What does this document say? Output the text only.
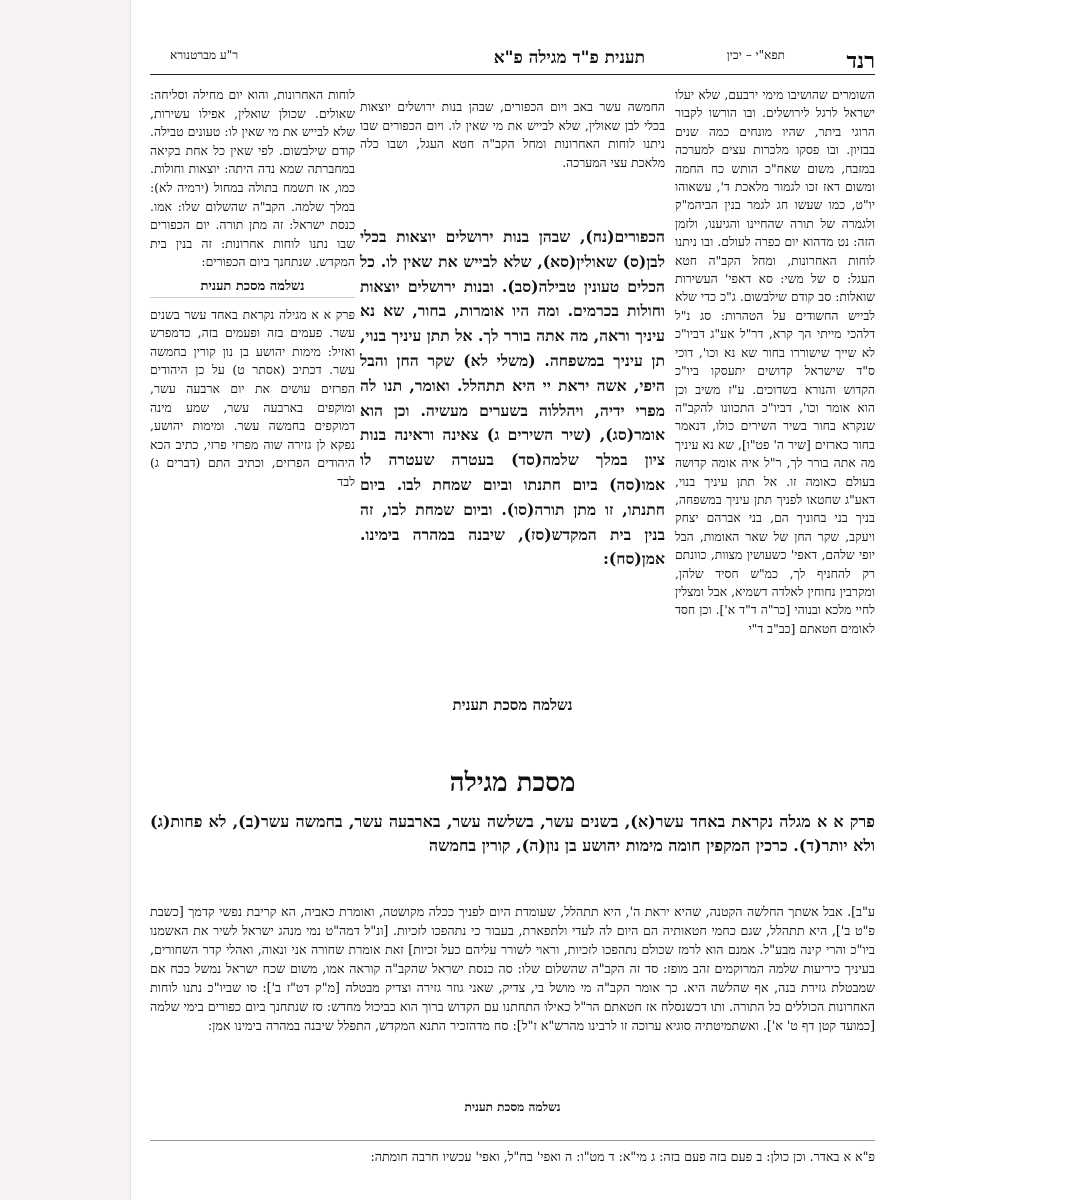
רנד
תפא"י – יכין
תענית פ"ד מגילה פ"א
ר"ע מברטנורא

השומרים שהושיבו מימי ירבעם, שלא יעלו ישראל לרגל לירושלים. ובו הורשו לקבור הרוגי ביתר, שהיו מונחים כמה שנים בבזיון. ובו פסקו מלכרות עצים למערכה במזבח, משום שאח"כ הותש כח החמה ומשום דאז זכו לגמור מלאכת ד', עשאוהו יו"ט, כמו שעשו חג לגמר בנין הביהמ"ק ולגמרה של תורה שהחיינו והגיענו, ולזמן הזה: נט מדהוא יום כפרה לעולם. ובו ניתנו לוחות האחרונות, ומחל הקב"ה חטא העגל: ס של משי: סא דאפי' העשירות שואלות: סב קודם שילבשום. ג"כ כדי שלא לבייש החשודים על הטהרות: סג נ"ל דלהכי מייתי הך קרא, דר"ל אע"ג דביו"כ לא שייך שישוררו בחור שא נא וכו', דוכי ס"ד שישראל קדושים יתעסקו ביו"כ הקדוש והנורא בשדוכים. ע"ז משיב וכן הוא אומר וכו', דביו"כ התכוונו להקב"ה שנקרא בחור בשיר השירים כולו, דנאמר בחור כארזים [שיר ה' פט"ו], שא נא עיניך מה אתה בורר לך, ר"ל איה אומה קדושה בעולם כאומה זו. אל תתן עיניך בנוי, דאע"ג שחטאו לפניך תתן עיניך במשפחה, בניך בני בחוניך הם, בני אברהם יצחק ויעקב, שקר החן של שאר האומות, הבל יופי שלהם, דאפי' כשעושין מצוות, כוונתם רק להחניף לך, כמ"ש חסיד שלהן, ומקרבין נחוחין לאלדה דשמיא, אבל ומצלין לחיי מלכא ובנוהי [כר"ה ד"ד א']. וכן חסד לאומים חטאתם [כב"ב ד"י

החמשה עשר באב ויום הכפורים, שבהן בנות ירושלים יוצאות בכלי לבן שאולין, שלא לבייש את מי שאין לו. ויום הכפורים שבו ניתנו לוחות האחרונות ומחל הקב"ה חטא העגל, ושבו כלה מלאכת עצי המערכה.

הכפורים(נח), שבהן בנות ירושלים יוצאות בכלי לבן(ס) שאולין(סא), שלא לבייש את שאין לו. כל הכלים טעונין טבילה(סב). ובנות ירושלים יוצאות וחולות בכרמים. ומה היו אומרות, בחור, שא נא עיניך וראה, מה אתה בורר לך. אל תתן עיניך בנוי, תן עיניך במשפחה. (משלי לא) שקר החן והבל היפי, אשה יראת יי היא תתהלל. ואומר, תנו לה מפרי ידיה, ויהללוה בשערים מעשיה. וכן הוא אומר(סג), (שיר השירים ג) צאינה וראינה בנות ציון במלך שלמה(סד) בעטרה שעטרה לו אמו(סה) ביום חתנתו וביום שמחת לבו. ביום חתנתו, זו מתן תורה(סו). וביום שמחת לבו, זה בנין בית המקדש(סז), שיבנה במהרה בימינו. אמן(סח):

נשלמה מסכת תענית

לוחות האחרונות, והוא יום מחילה וסליחה: שאולים. שכולן שואלין, אפילו עשירות, שלא לבייש את מי שאין לו: טעונים טבילה. קודם שילבשום. לפי שאין כל אחת בקיאה במחברתה שמא נדה היתה: יוצאות וחולות. כמו, אז תשמח בתולה במחול (ירמיה לא): במלך שלמה. הקב"ה שהשלום שלו: אמו. כנסת ישראל: זה מתן תורה. יום הכפורים שבו נתנו לוחות אחרונות: זה בנין בית המקדש. שנתחנך ביום הכפורים:

נשלמה מסכת תענית

פרק א א מגילה נקראת באחד עשר בשנים עשר. פעמים בזה ופעמים בזה, כדמפרש ואזיל: מימות יהושע בן נון קורין בחמשה עשר. דכתיב (אסתר ט) על כן היהודים הפרזים עושים את יום ארבעה עשר, ומוקפים בארבעה עשר, שמע מינה דמוקפים בחמשה עשר. ומימות יהושע, נפקא לן גזירה שוה מפרזי פרזי, כתיב הכא היהודים הפרזים, וכתיב התם (דברים ג) לבד

מסכת מגילה
פרק א א מגלה נקראת באחד עשר(א), בשנים עשר, בשלשה עשר, בארבעה עשר, בחמשה עשר(ב), לא פחות(ג) ולא יותר(ד). כרכין המקפין חומה מימות יהושע בן נון(ה), קורין בחמשה
ע"ב]. אבל אשתך החלשה הקטנה, שהיא יראת ה', היא תתהלל, שעומדת היום לפניך ככלה מקושטה, ואומרת כאביה, הא קריבת נפשי קדמך [כשבת פ"ט ב'], היא תתהלל, שגם כחמי חטאותיה הם היום לה לעדי ולתפארת, בעבור כי נתהפכו לזכיות. [ונ"ל דמה"ט נמי מנהג ישראל לשיר את האשמנו ביו"כ והרי קינה מבע"ל. אמנם הוא לרמז שכולם נתהפכו לזכיות, וראוי לשורר עליהם כעל זכיות] זאת אומרת שחורה אני ונאוה, ואהלי קדר השחורים, בעיניך כיריעות שלמה המרוקמים זהב מופז: סד זה הקב"ה שהשלום שלו: סה כנסת ישראל שהקב"ה קוראה אמו, משום שכח ישראל נמשל ככח אם שמבטלת גזירת בנה, אף שהלשה היא. כך אומר הקב"ה מי מושל בי, צדיק, שאני גוזר גזירה וצדיק מבטלה [מ"ק דט"ז ב']: סו שביו"כ נתנו לוחות האחרונות הכוללים כל התורה. ותו דכשנסלח אז חטאתם הר"ל כאילו התחתנו עם הקדוש ברוך הוא כביכול מחדש: סז שנתחנך ביום כפורים בימי שלמה [כמועד קטן דף ט' א']. ואשתמיטתיה סוגיא ערוכה זו לרבינו מהרש"א ז"ל]: סח מדהזכיר התנא המקדש, התפלל שיבנה במהרה בימינו אמן:
נשלמה מסכת תענית
פ"א א באדר. וכן כולן: ב פעם בזה פעם בזה: ג מי"א: ד מט"ו: ה ואפי' בח"ל, ואפי' עכשיו חרבה חומתה:
